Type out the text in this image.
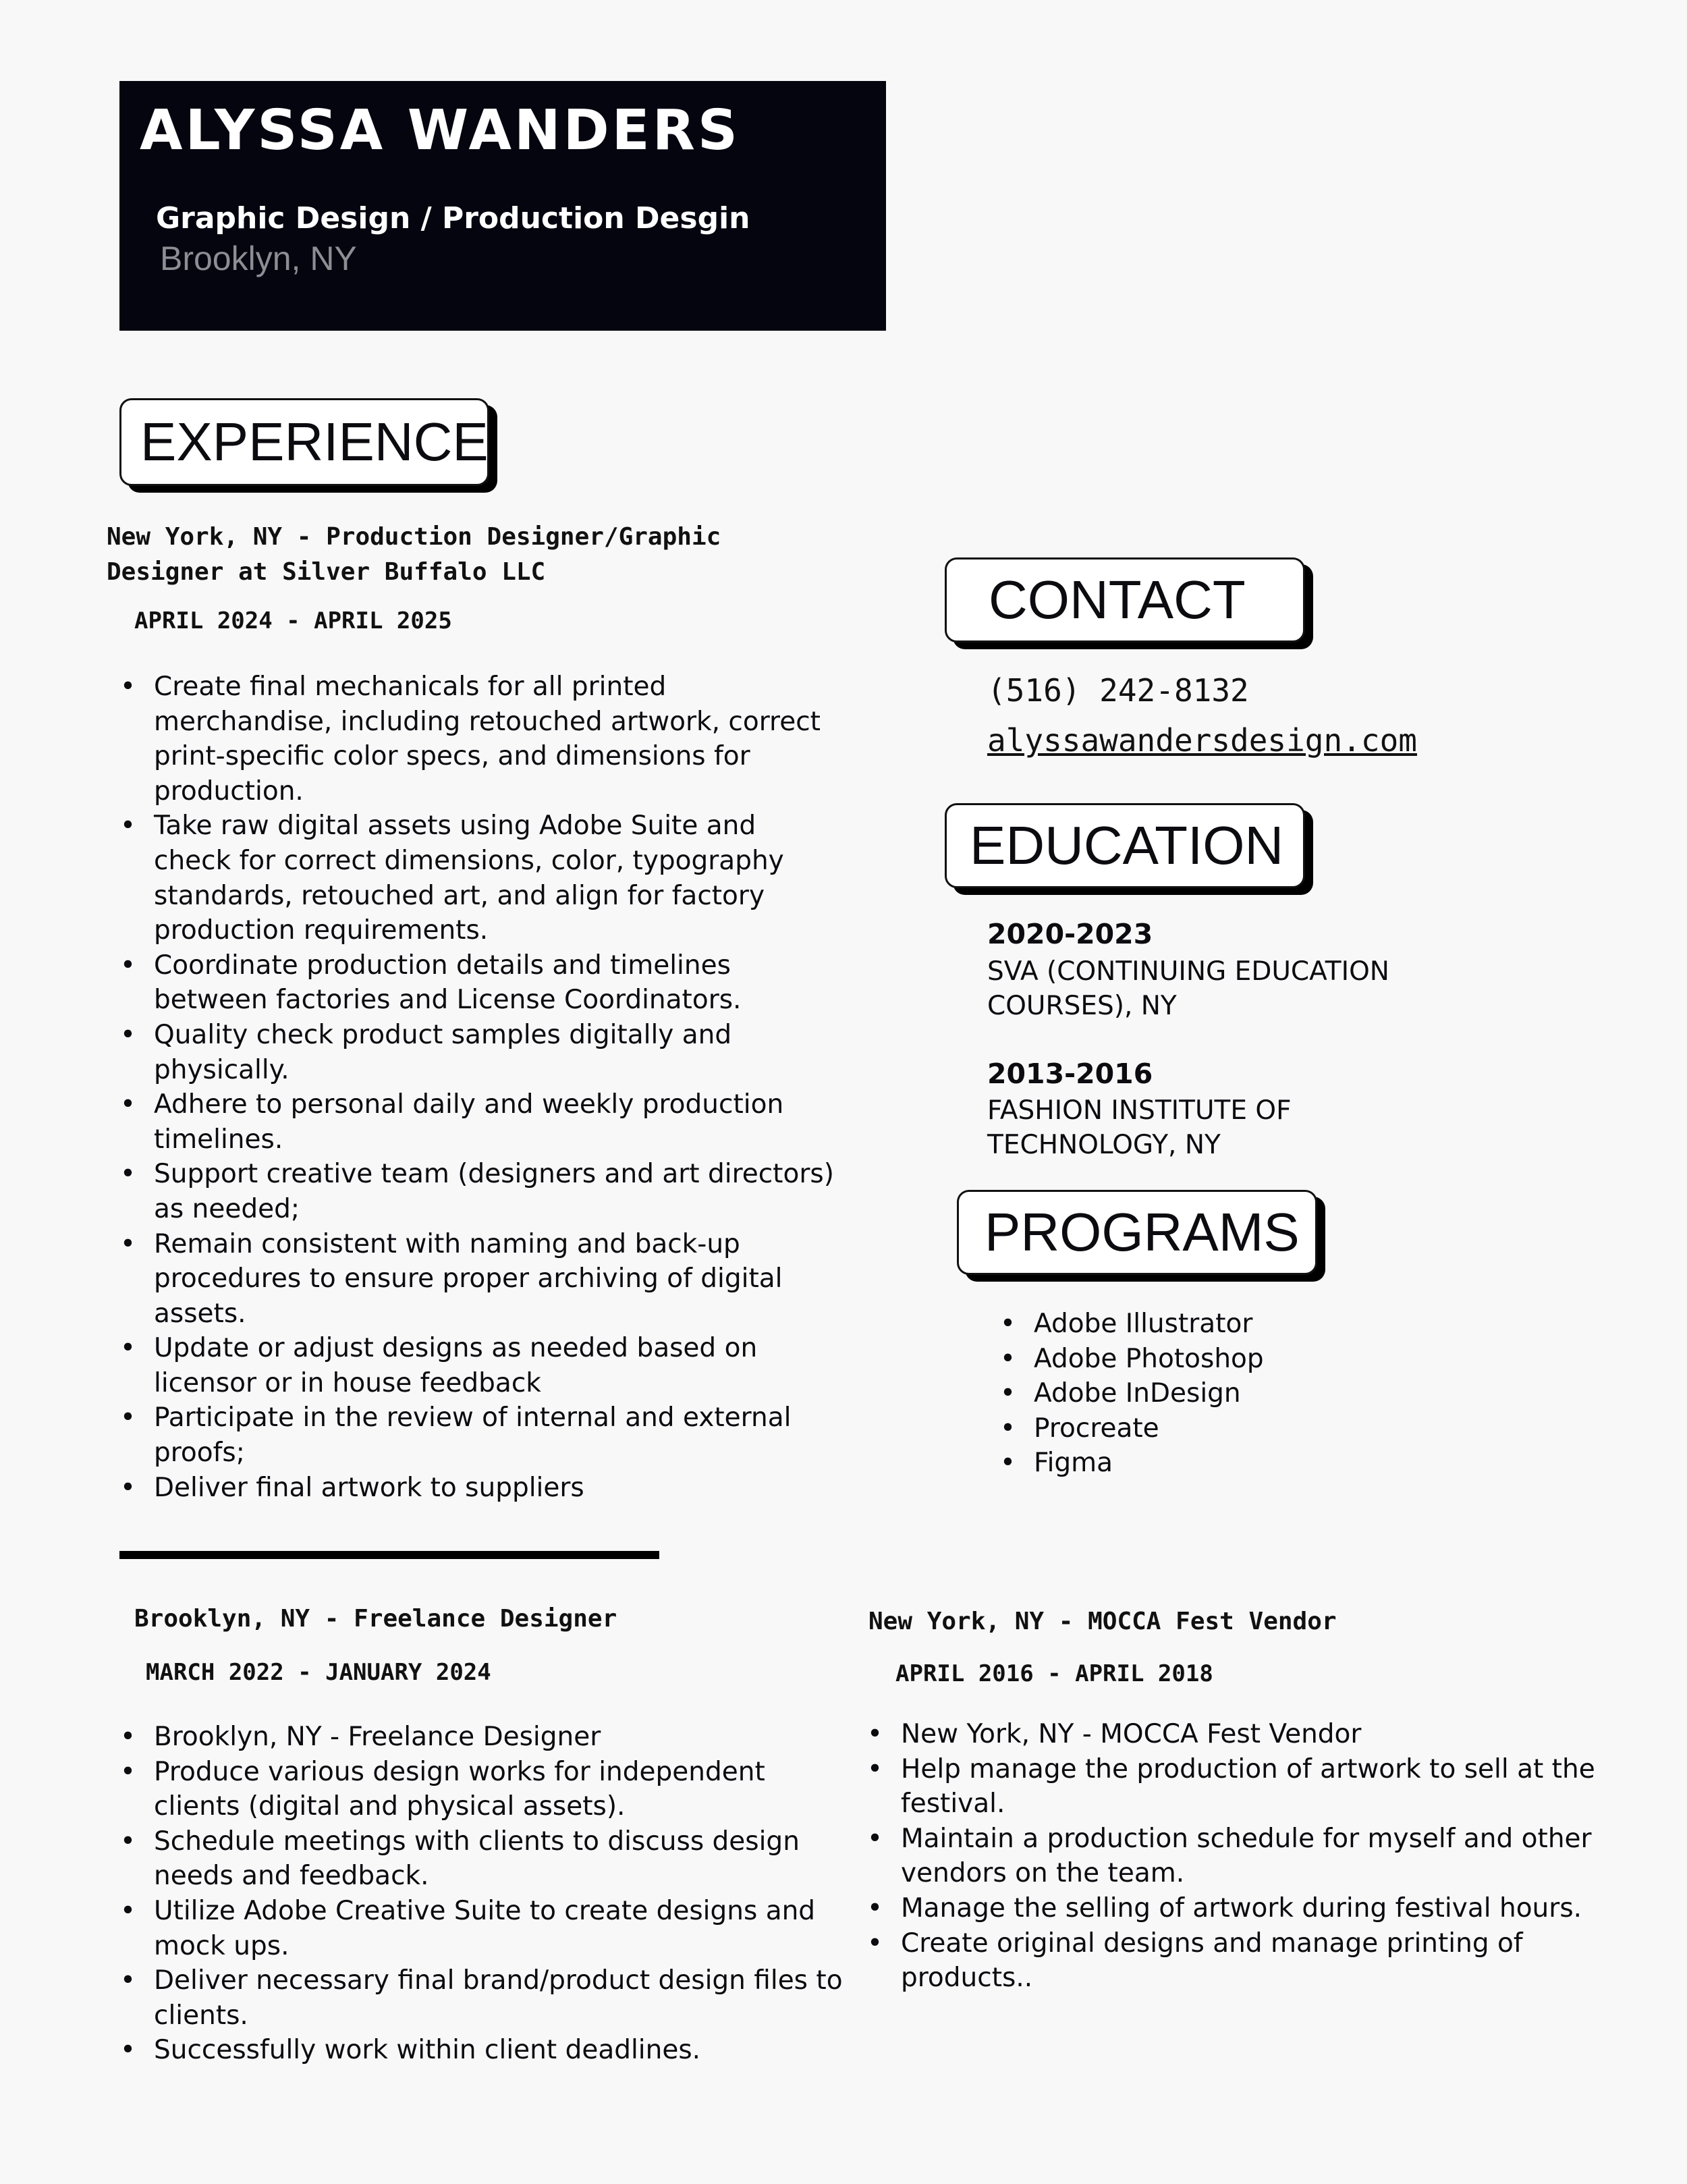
ALYSSA WANDERS
Graphic Design / Production Desgin
Brooklyn, NY
EXPERIENCE
New York, NY - Production Designer/Graphic Designer at Silver Buffalo LLC
APRIL 2024 - APRIL 2025
• Create final mechanicals for all printed merchandise, including retouched artwork, correct print-specific color specs, and dimensions for production.
• Take raw digital assets using Adobe Suite and check for correct dimensions, color, typography standards, retouched art, and align for factory production requirements.
• Coordinate production details and timelines between factories and License Coordinators.
• Quality check product samples digitally and physically.
• Adhere to personal daily and weekly production timelines.
• Support creative team (designers and art directors) as needed;
• Remain consistent with naming and back-up procedures to ensure proper archiving of digital assets.
• Update or adjust designs as needed based on licensor or in house feedback
• Participate in the review of internal and external proofs;
• Deliver final artwork to suppliers
Brooklyn, NY - Freelance Designer
MARCH 2022 - JANUARY 2024
• Brooklyn, NY - Freelance Designer
• Produce various design works for independent clients (digital and physical assets).
• Schedule meetings with clients to discuss design needs and feedback.
• Utilize Adobe Creative Suite to create designs and mock ups.
• Deliver necessary final brand/product design files to clients.
• Successfully work within client deadlines.
New York, NY - MOCCA Fest Vendor
APRIL 2016 - APRIL 2018
• New York, NY - MOCCA Fest Vendor
• Help manage the production of artwork to sell at the festival.
• Maintain a production schedule for myself and other vendors on the team.
• Manage the selling of artwork during festival hours.
• Create original designs and manage printing of products..
CONTACT
(516) 242-8132
alyssawandersdesign.com
EDUCATION
2020-2023
SVA (CONTINUING EDUCATION COURSES), NY
2013-2016
FASHION INSTITUTE OF TECHNOLOGY, NY
PROGRAMS
• Adobe Illustrator
• Adobe Photoshop
• Adobe InDesign
• Procreate
• Figma
